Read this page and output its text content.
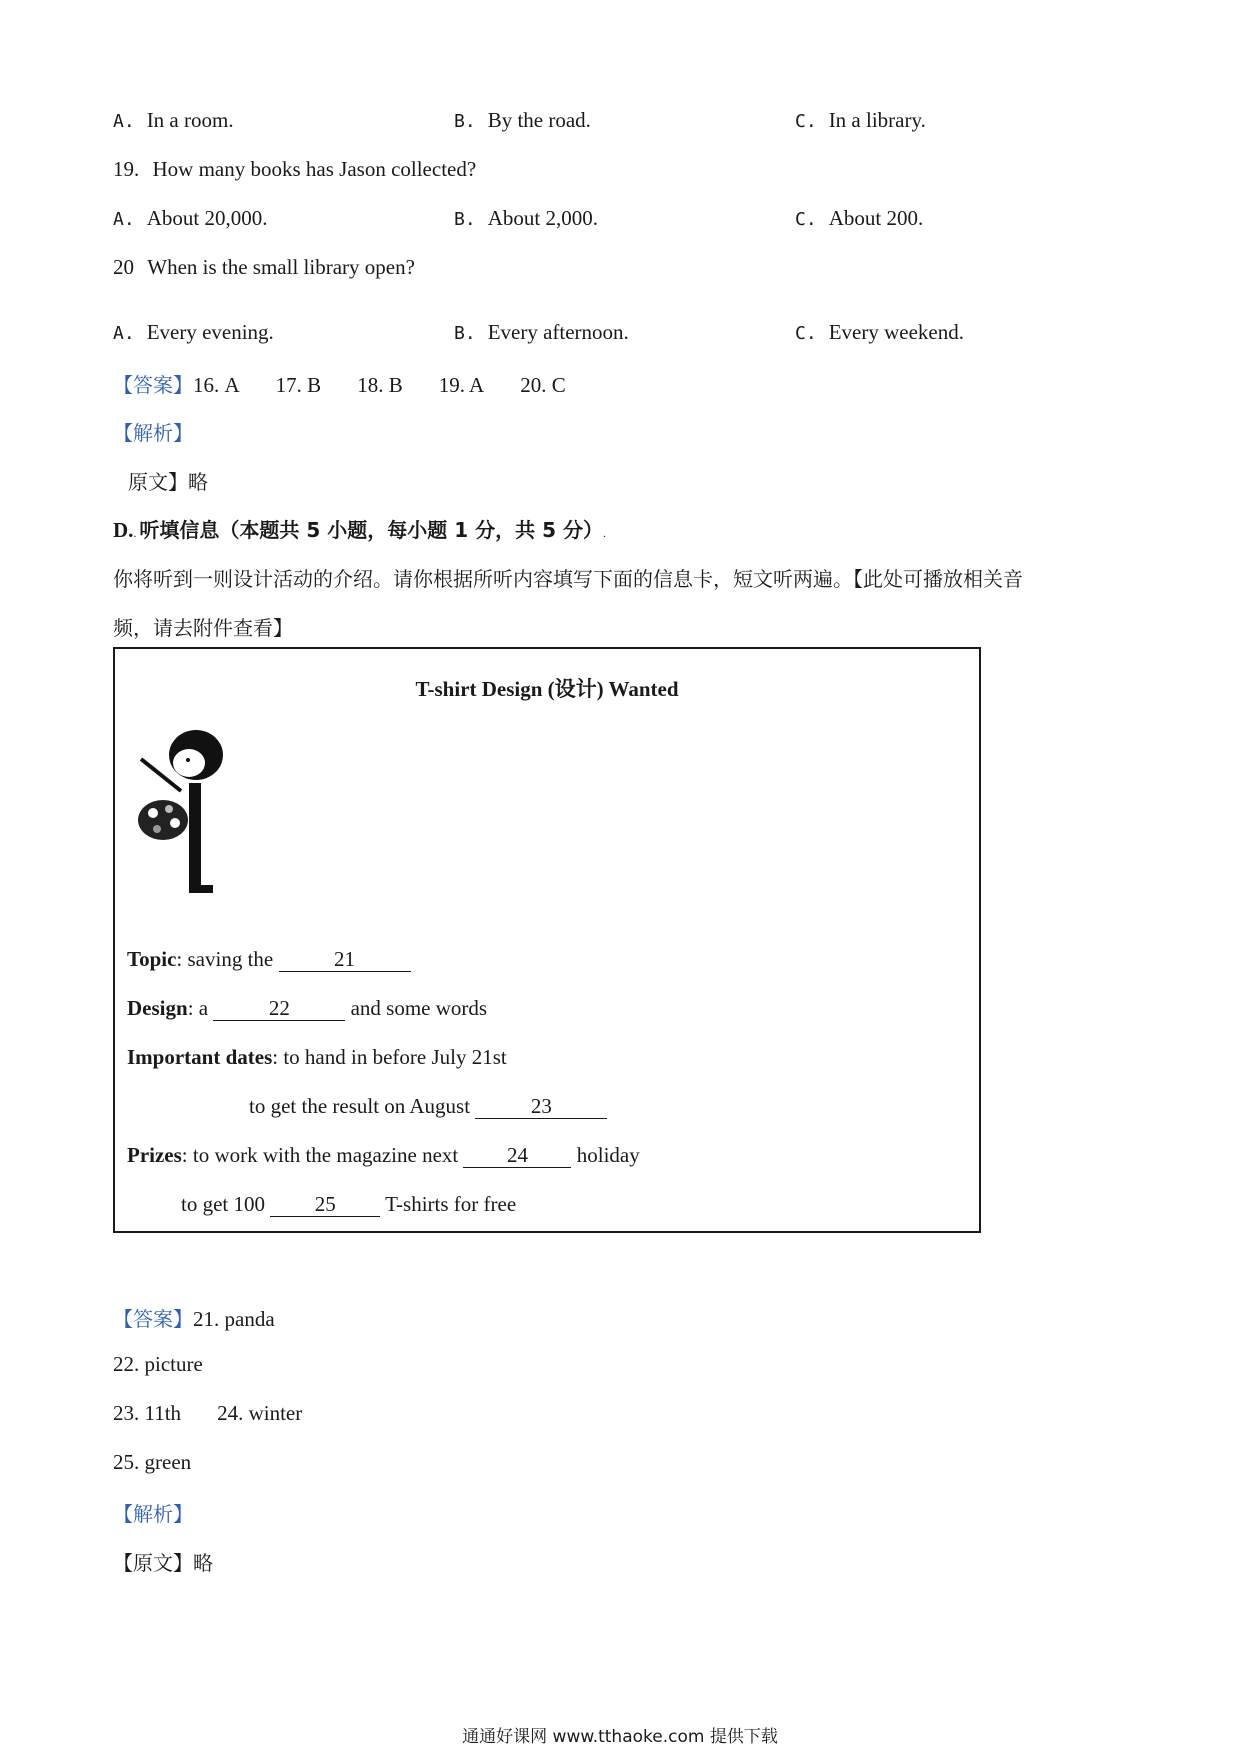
A. In a room.	B. By the road.	C. In a library.
19. How many books has Jason collected?
A. About 20,000.	B. About 2,000.	C. About 200.
20 When is the small library open?
A. Every evening.	B. Every afternoon.	C. Every weekend.
【答案】16. A 17. B 18. B 19. A 20. C
【解析】
原文】略
D.. 听填信息（本题共 5 小题，每小题 1 分，共 5 分）.
你将听到一则设计活动的介绍。请你根据所听内容填写下面的信息卡，短文听两遍。【此处可播放相关音
频，请去附件查看】
T-shirt Design (设计) Wanted
Topic: saving the	21
Design: a	22	and some words
Important dates: to hand in before July 21st
to get the result on August	23
Prizes: to work with the magazine next 24 holiday
to get 100 25 T-shirts for free
【答案】21. panda
22. picture
23. 11th 24. winter
25. green
【解析】
【原文】略
通通好课网 www.tthaoke.com 提供下载
